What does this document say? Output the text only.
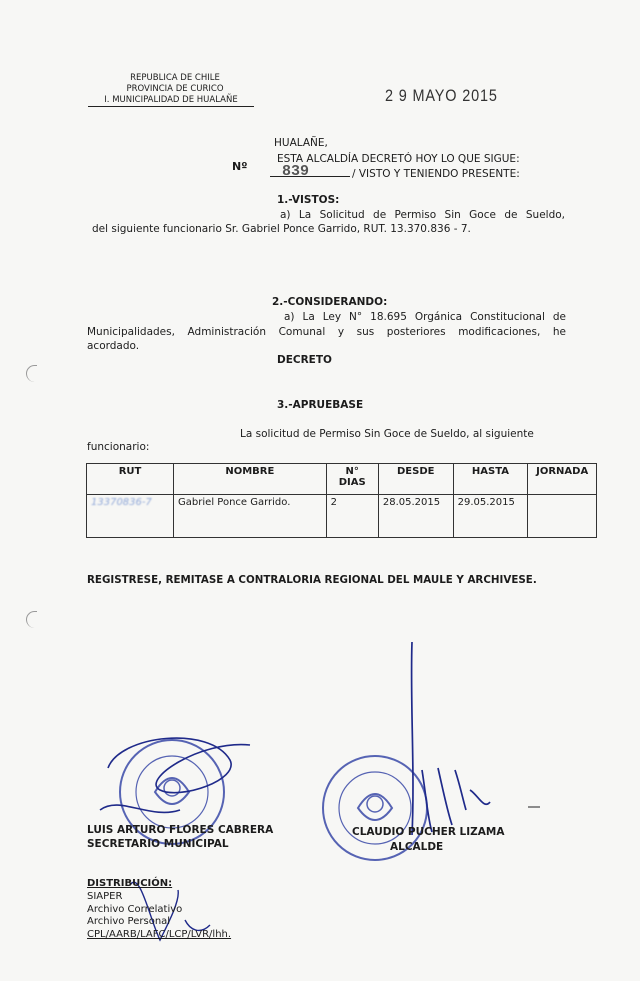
REPUBLICA DE CHILE
PROVINCIA DE CURICO
I. MUNICIPALIDAD DE HUALAÑE	2 9 MAYO 2015
HUALAÑE,
ESTA ALCALDÍA DECRETÓ HOY LO QUE SIGUE:
Nº	839	/ VISTO Y TENIENDO PRESENTE:
1.-VISTOS:
a) La Solicitud de Permiso Sin Goce de Sueldo,
del siguiente funcionario Sr. Gabriel Ponce Garrido, RUT. 13.370.836 - 7.
2.-CONSIDERANDO:
a) La Ley N° 18.695 Orgánica Constitucional de
Municipalidades, Administración Comunal y sus posteriores modificaciones, he
acordado.
DECRETO
3.-APRUEBASE
La solicitud de Permiso Sin Goce de Sueldo, al siguiente
funcionario:
RUT	NOMBRE	N° DIAS	DESDE	HASTA	JORNADA
13370836-7	Gabriel Ponce Garrido.	2	28.05.2015	29.05.2015	
REGISTRESE, REMITASE A CONTRALORIA REGIONAL DEL MAULE Y ARCHIVESE.
LUIS ARTURO FLORES CABRERA
SECRETARIO MUNICIPAL
CLAUDIO PUCHER LIZAMA
ALCALDE
DISTRIBUCIÓN:
SIAPER
Archivo Correlativo
Archivo Personal
CPL/AARB/LAFC/LCP/LVR/lhh.
